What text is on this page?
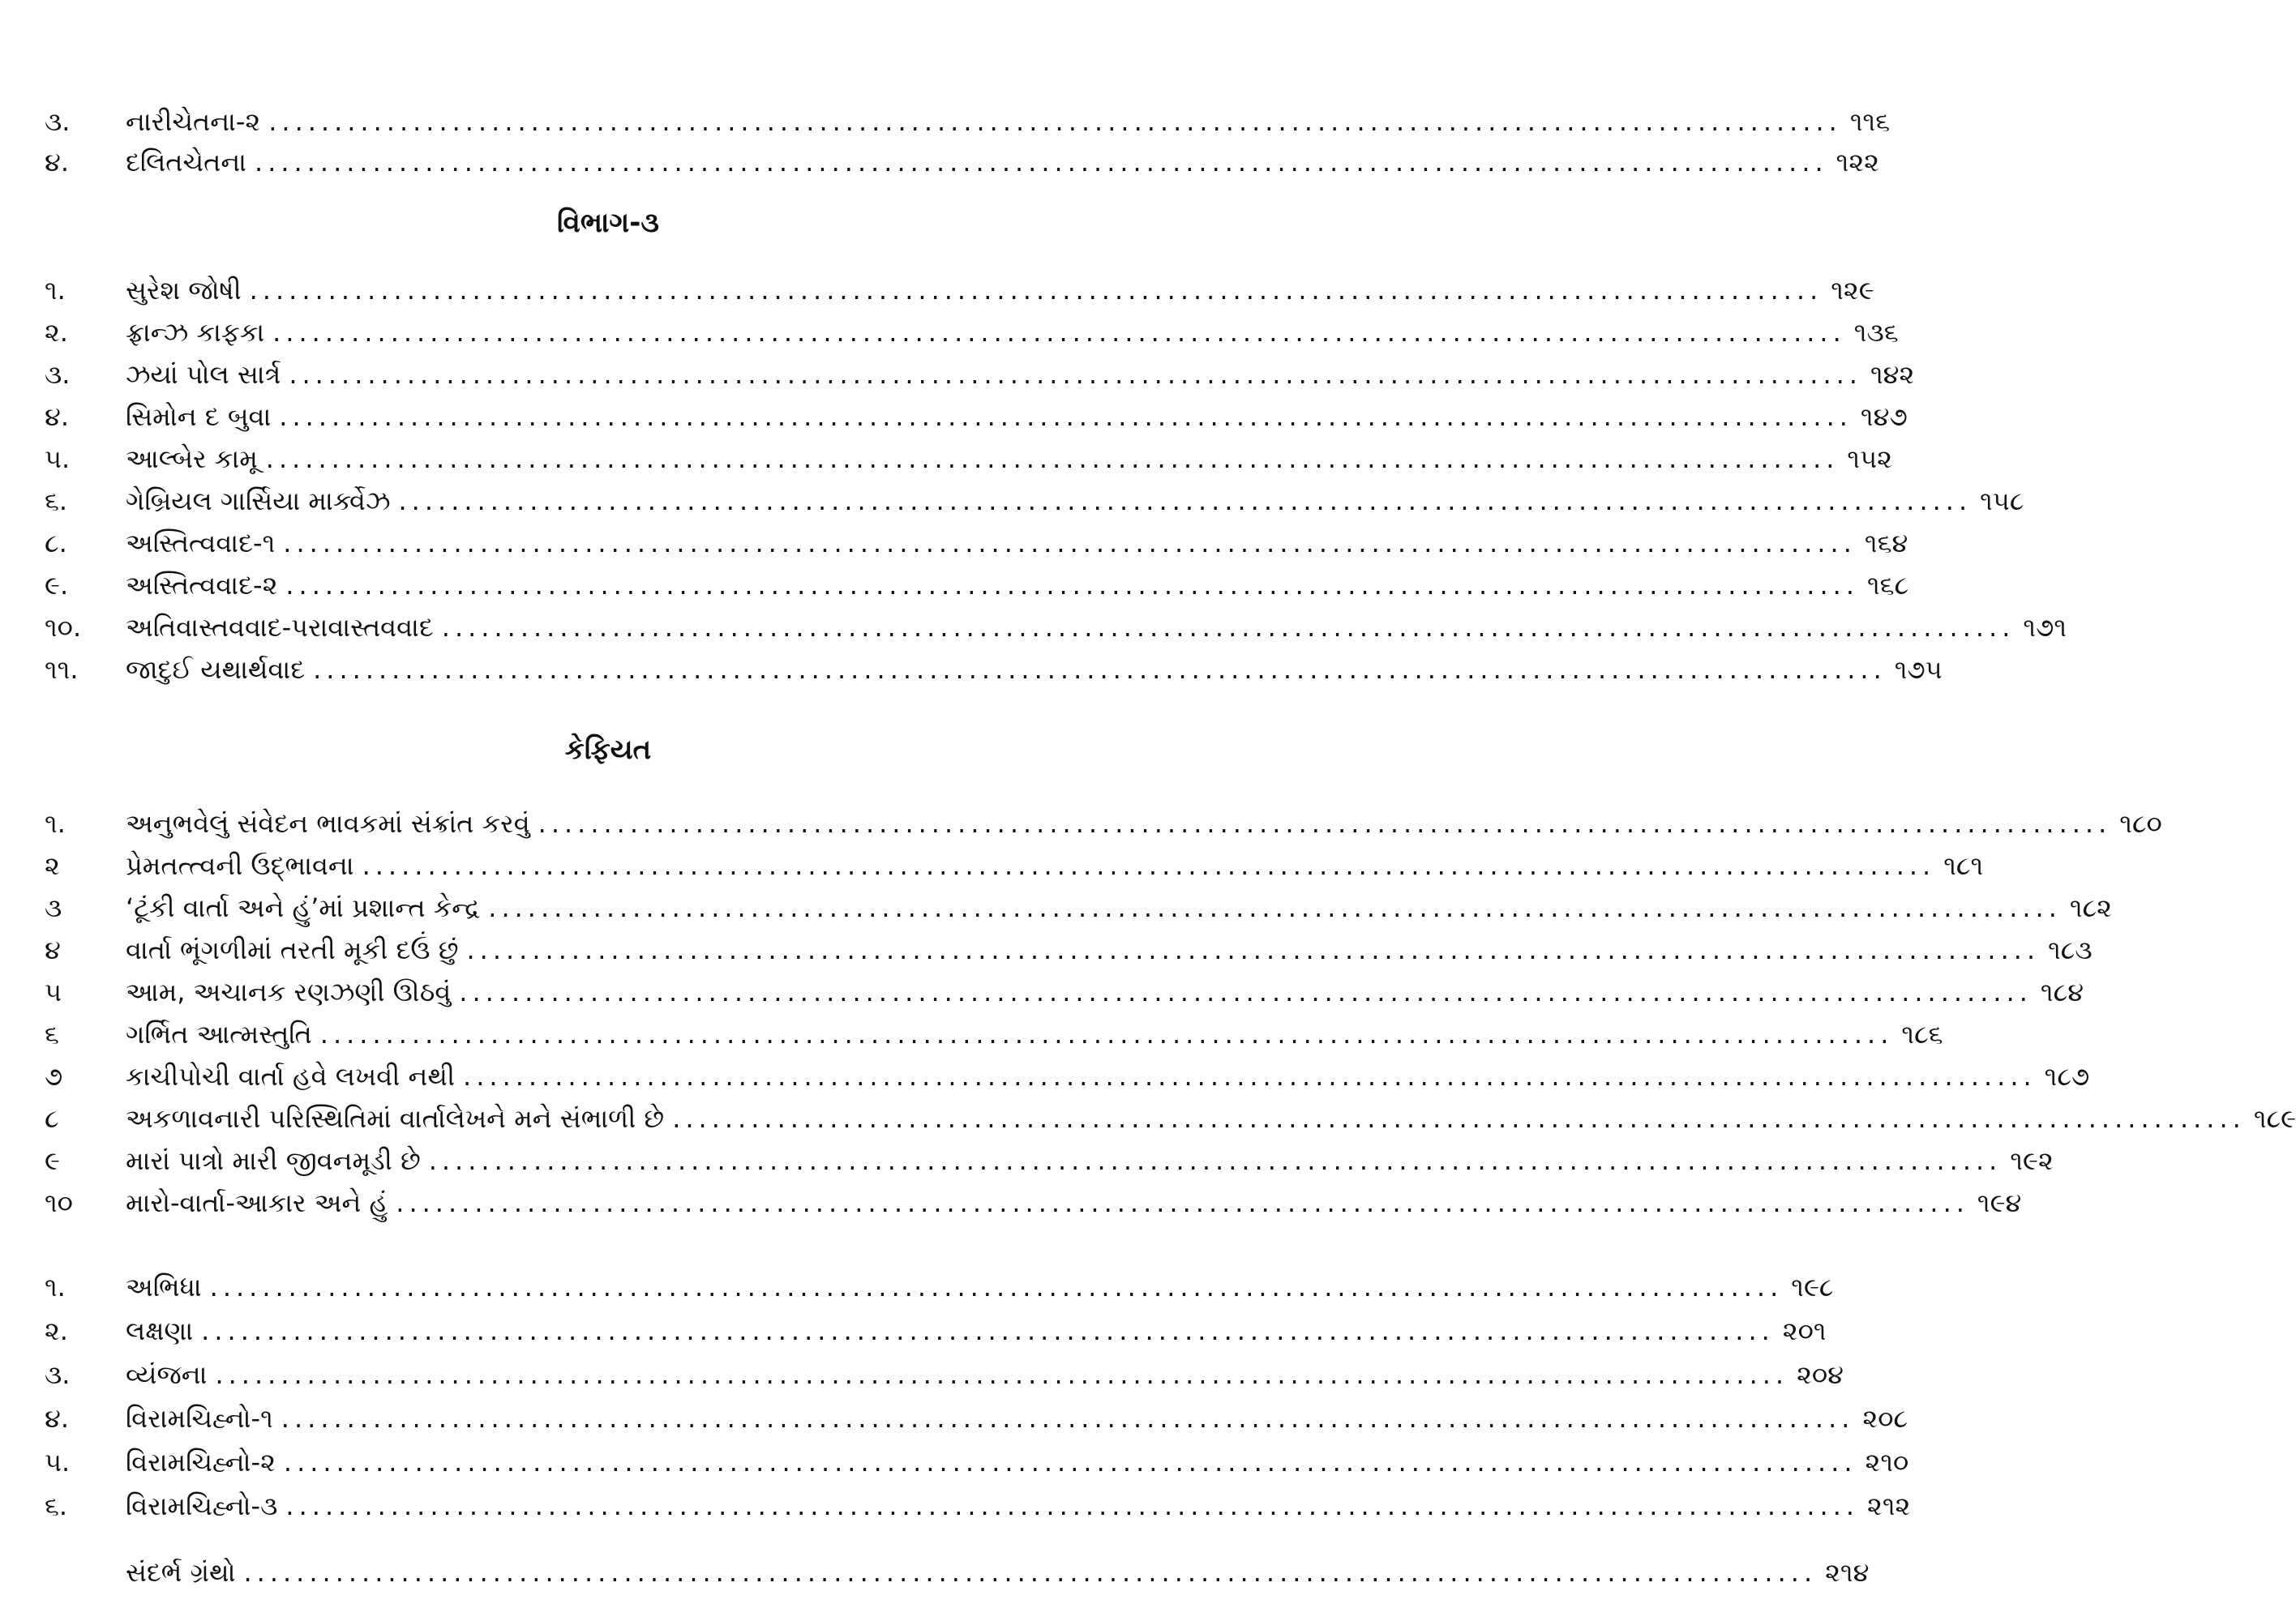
૩.	નારીચેતના-૨ ........................................................................................................................ ૧૧૬
૪.	દલિતચેતના ........................................................................................................................ ૧૨૨
વિભાગ-૩
૧.	સુરેશ જોષી ........................................................................................................................ ૧૨૯
૨.	ફ્રાન્ઝ કાફકા ........................................................................................................................ ૧૩૬
૩.	ઝયાં પોલ સાર્ત્ર ........................................................................................................................ ૧૪૨
૪.	સિમોન દ બુવા ........................................................................................................................ ૧૪૭
૫.	આલ્બેર કામૂ ........................................................................................................................ ૧૫૨
૬.	ગેબ્રિયલ ગાર્સિયા માર્ક્વેઝ ........................................................................................................................ ૧૫૮
૮.	અસ્તિત્વવાદ-૧ ........................................................................................................................ ૧૬૪
૯.	અસ્તિત્વવાદ-૨ ........................................................................................................................ ૧૬૮
૧૦.	અતિવાસ્તવવાદ-પરાવાસ્તવવાદ ........................................................................................................................ ૧૭૧
૧૧.	જાદુઈ યથાર્થવાદ ........................................................................................................................ ૧૭૫
કેફિયત
૧.	અનુભવેલું સંવેદન ભાવકમાં સંક્રાંત કરવું ........................................................................................................................ ૧૮૦
૨	પ્રેમતત્ત્વની ઉદ્ભાવના ........................................................................................................................ ૧૮૧
૩	‘ટૂંકી વાર્તા અને હું’માં પ્રશાન્ત કેન્દ્ર ........................................................................................................................ ૧૮૨
૪	વાર્તા ભૂંગળીમાં તરતી મૂકી દઉં છું ........................................................................................................................ ૧૮૩
૫	આમ, અચાનક રણઝણી ઊઠવું ........................................................................................................................ ૧૮૪
૬	ગર્ભિત આત્મસ્તુતિ ........................................................................................................................ ૧૮૬
૭	કાચીપોચી વાર્તા હવે લખવી નથી ........................................................................................................................ ૧૮૭
૮	અકળાવનારી પરિસ્થિતિમાં વાર્તાલેખને મને સંભાળી છે ........................................................................................................................ ૧૮૯
૯	મારાં પાત્રો મારી જીવનમૂડી છે ........................................................................................................................ ૧૯૨
૧૦	મારો-વાર્તા-આકાર અને હું ........................................................................................................................ ૧૯૪
૧.	અભિધા ........................................................................................................................ ૧૯૮
૨.	લક્ષણા ........................................................................................................................ ૨૦૧
૩.	વ્યંજના ........................................................................................................................ ૨૦૪
૪.	વિરામચિહ્નો-૧ ........................................................................................................................ ૨૦૮
૫.	વિરામચિહ્નો-૨ ........................................................................................................................ ૨૧૦
૬.	વિરામચિહ્નો-૩ ........................................................................................................................ ૨૧૨
સંદર્ભ ગ્રંથો ........................................................................................................................ ૨૧૪
